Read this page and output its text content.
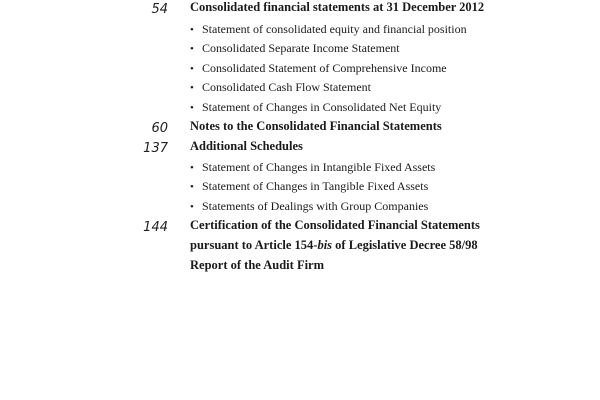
54 Consolidated financial statements at 31 December 2012
• Statement of consolidated equity and financial position
• Consolidated Separate Income Statement
• Consolidated Statement of Comprehensive Income
• Consolidated Cash Flow Statement
• Statement of Changes in Consolidated Net Equity
60 Notes to the Consolidated Financial Statements
137 Additional Schedules
• Statement of Changes in Intangible Fixed Assets
• Statement of Changes in Tangible Fixed Assets
• Statements of Dealings with Group Companies
144 Certification of the Consolidated Financial Statements
pursuant to Article 154-bis of Legislative Decree 58/98
Report of the Audit Firm
